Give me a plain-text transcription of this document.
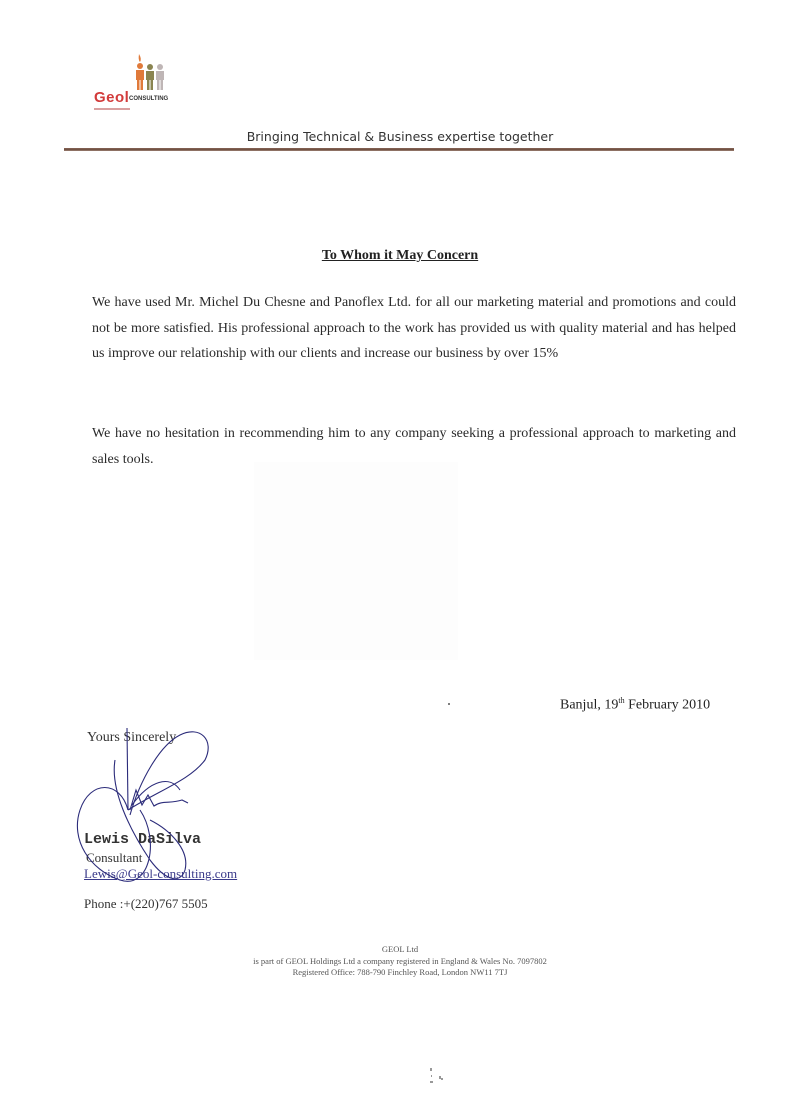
Geol CONSULTING
Bringing Technical & Business expertise together
To Whom it May Concern
We have used Mr. Michel Du Chesne and Panoflex Ltd. for all our marketing material and promotions and could not be more satisfied. His professional approach to the work has provided us with quality material and has helped us improve our relationship with our clients and increase our business by over 15%
We have no hesitation in recommending him to any company seeking a professional approach to marketing and sales tools.
Banjul, 19th February 2010
Yours Sincerely
Lewis DaSilva
Consultant
Lewis@Geol-consulting.com
Phone :+(220)767 5505
GEOL Ltd
is part of GEOL Holdings Ltd a company registered in England & Wales No. 7097802
Registered Office: 788-790 Finchley Road, London NW11 7TJ
